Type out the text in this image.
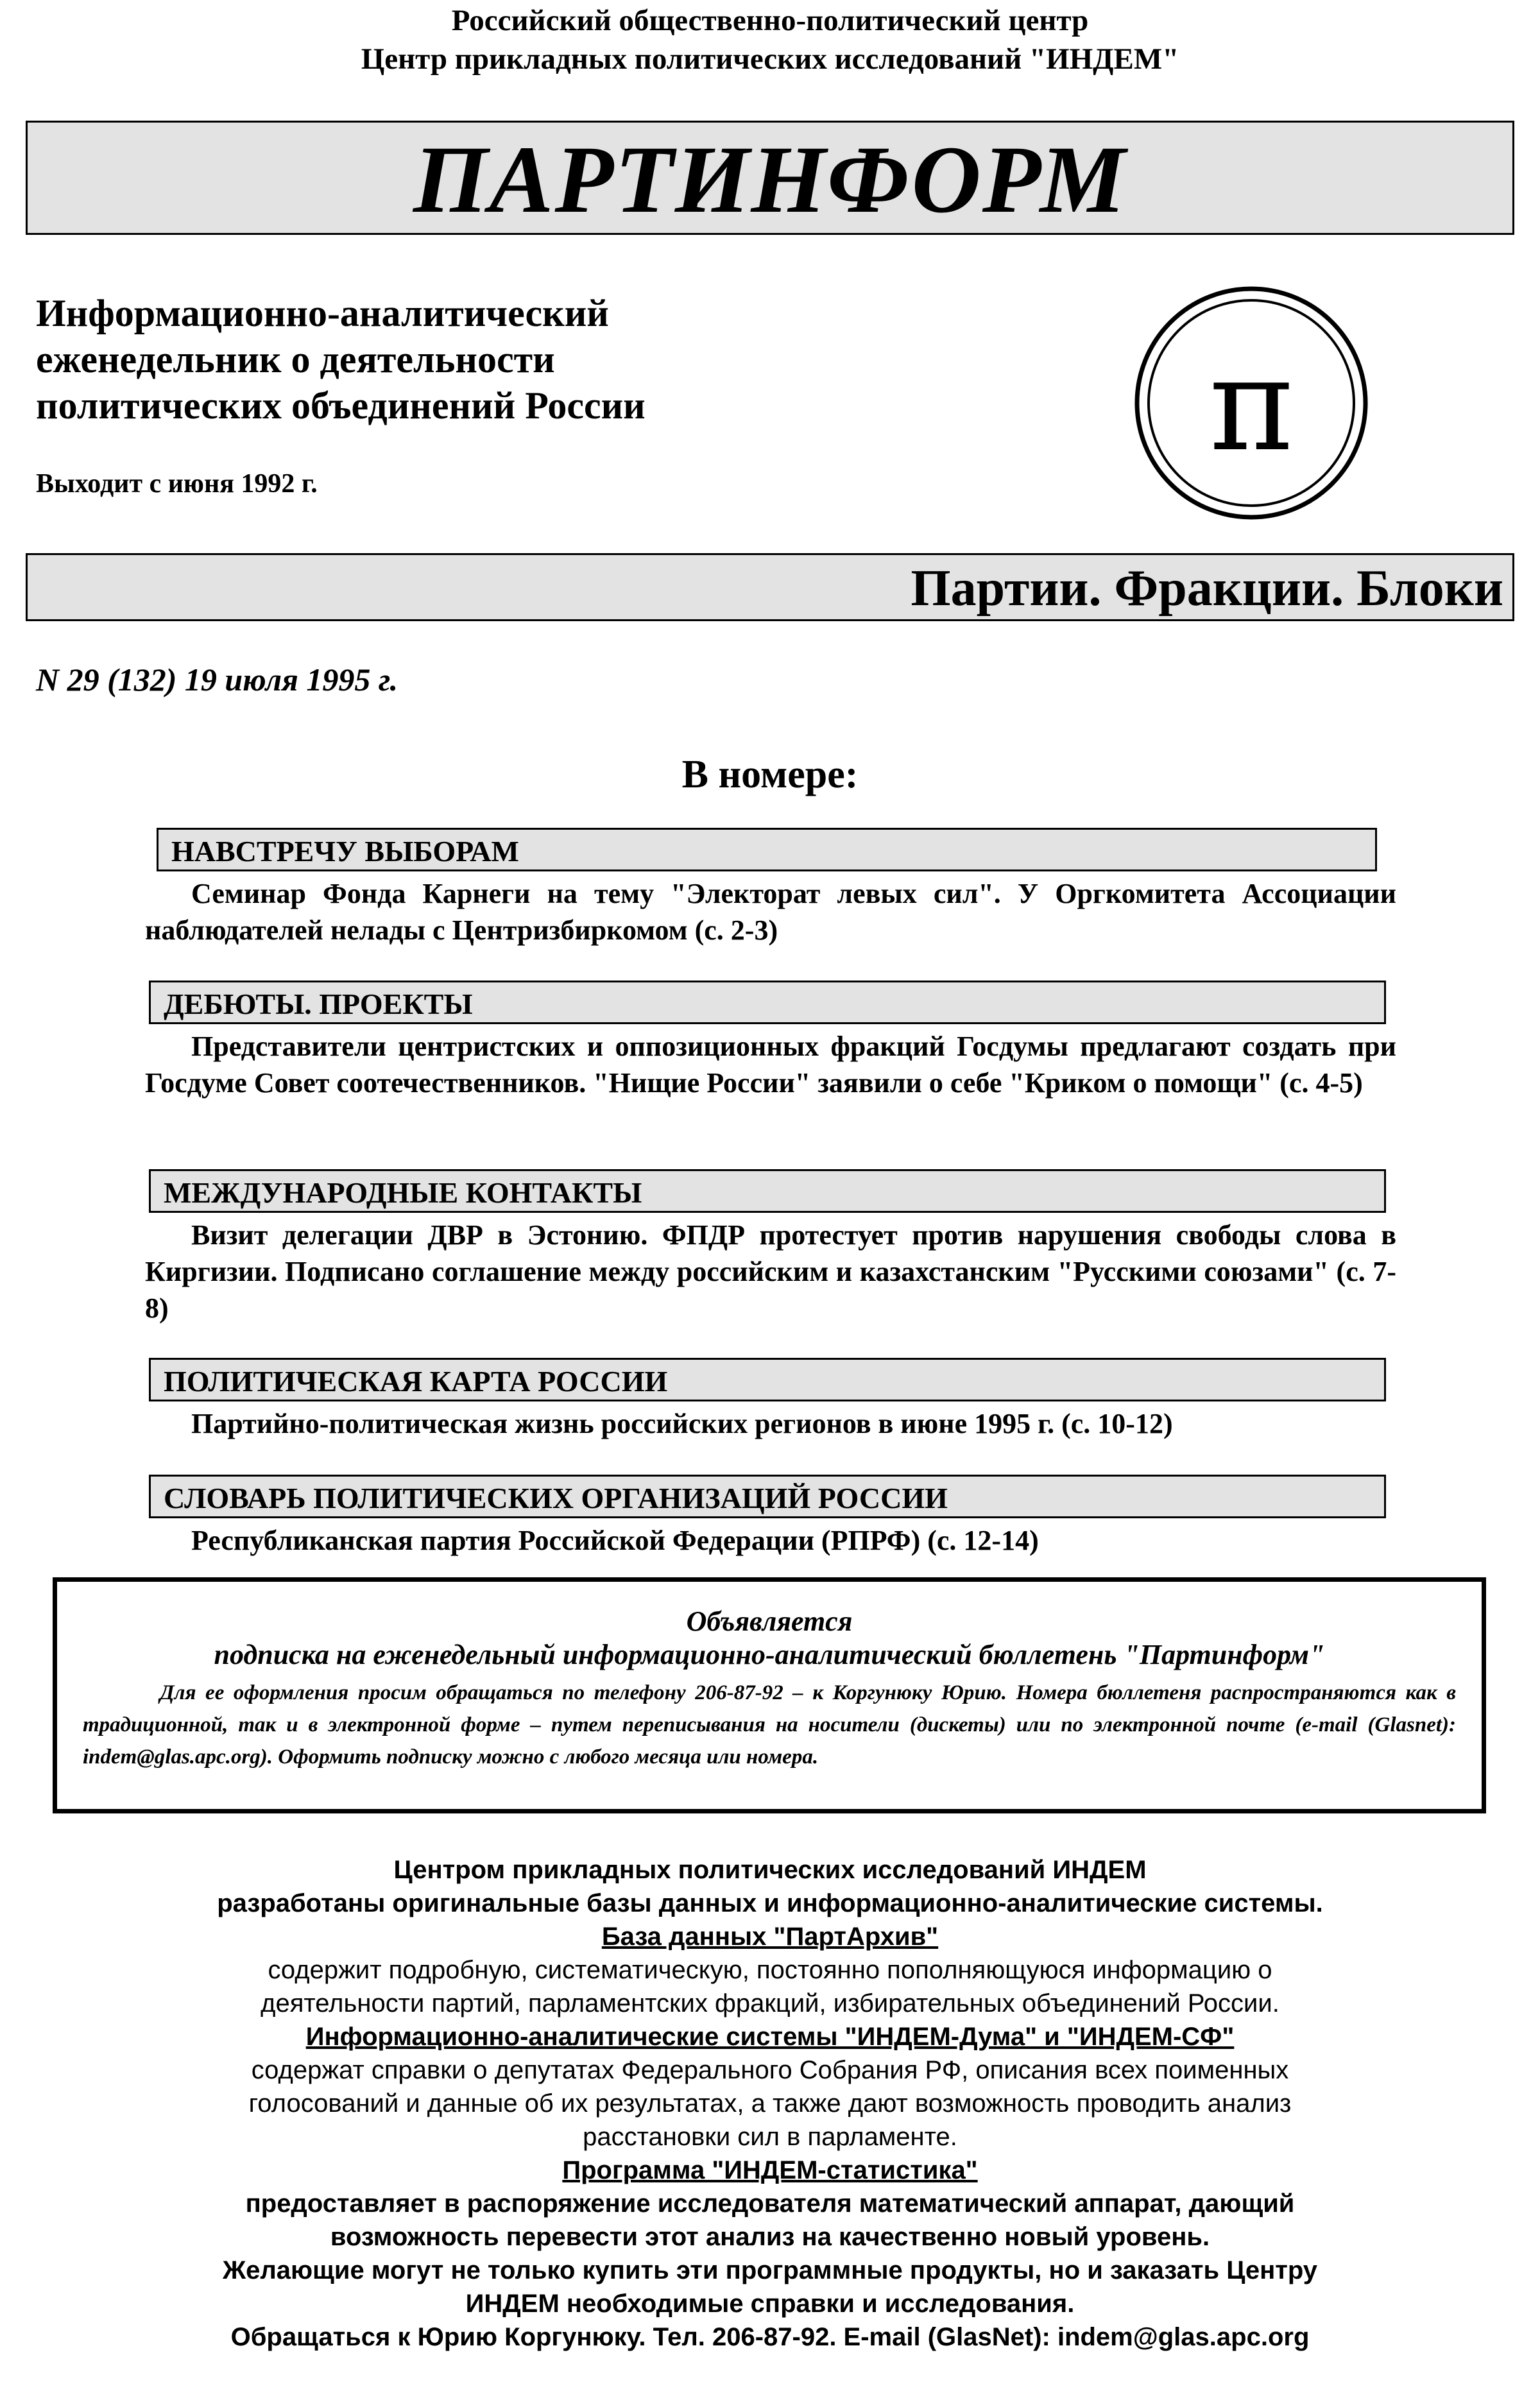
Российский общественно-политический центр
Центр прикладных политических исследований "ИНДЕМ"
ПАРТИНФОРМ
Информационно-аналитический
еженедельник о деятельности
политических объединений России
Выходит с июня 1992 г.
π
Партии. Фракции. Блоки
N 29 (132) 19 июля 1995 г.
В номере:
НАВСТРЕЧУ ВЫБОРАМ
Семинар Фонда Карнеги на тему "Электорат левых сил". У Оргкомитета Ассоциации наблюдателей нелады с Центризбиркомом (с. 2-3)
ДЕБЮТЫ. ПРОЕКТЫ
Представители центристских и оппозиционных фракций Госдумы предлагают создать при Госдуме Совет соотечественников. "Нищие России" заявили о себе "Криком о помощи" (с. 4-5)
МЕЖДУНАРОДНЫЕ КОНТАКТЫ
Визит делегации ДВР в Эстонию. ФПДР протестует против нарушения свободы слова в Киргизии. Подписано соглашение между российским и казахстанским "Русскими союзами" (с. 7-8)
ПОЛИТИЧЕСКАЯ КАРТА РОССИИ
Партийно-политическая жизнь российских регионов в июне 1995 г. (с. 10-12)
СЛОВАРЬ ПОЛИТИЧЕСКИХ ОРГАНИЗАЦИЙ РОССИИ
Республиканская партия Российской Федерации (РПРФ) (с. 12-14)
Объявляется
подписка на еженедельный информационно-аналитический бюллетень "Партинформ"
Для ее оформления просим обращаться по телефону 206-87-92 – к Коргунюку Юрию. Номера бюллетеня распространяются как в традиционной, так и в электронной форме – путем переписывания на носители (дискеты) или по электронной почте (e-mail (Glasnet): indem@glas.apc.org). Оформить подписку можно с любого месяца или номера.
Центром прикладных политических исследований ИНДЕМ
разработаны оригинальные базы данных и информационно-аналитические системы.
База данных "ПартАрхив"
содержит подробную, систематическую, постоянно пополняющуюся информацию о
деятельности партий, парламентских фракций, избирательных объединений России.
Информационно-аналитические системы "ИНДЕМ-Дума" и "ИНДЕМ-СФ"
содержат справки о депутатах Федерального Собрания РФ, описания всех поименных
голосований и данные об их результатах, а также дают возможность проводить анализ
расстановки сил в парламенте.
Программа "ИНДЕМ-статистика"
предоставляет в распоряжение исследователя математический аппарат, дающий
возможность перевести этот анализ на качественно новый уровень.
Желающие могут не только купить эти программные продукты, но и заказать Центру
ИНДЕМ необходимые справки и исследования.
Обращаться к Юрию Коргунюку. Тел. 206-87-92. E-mail (GlasNet): indem@glas.apc.org
